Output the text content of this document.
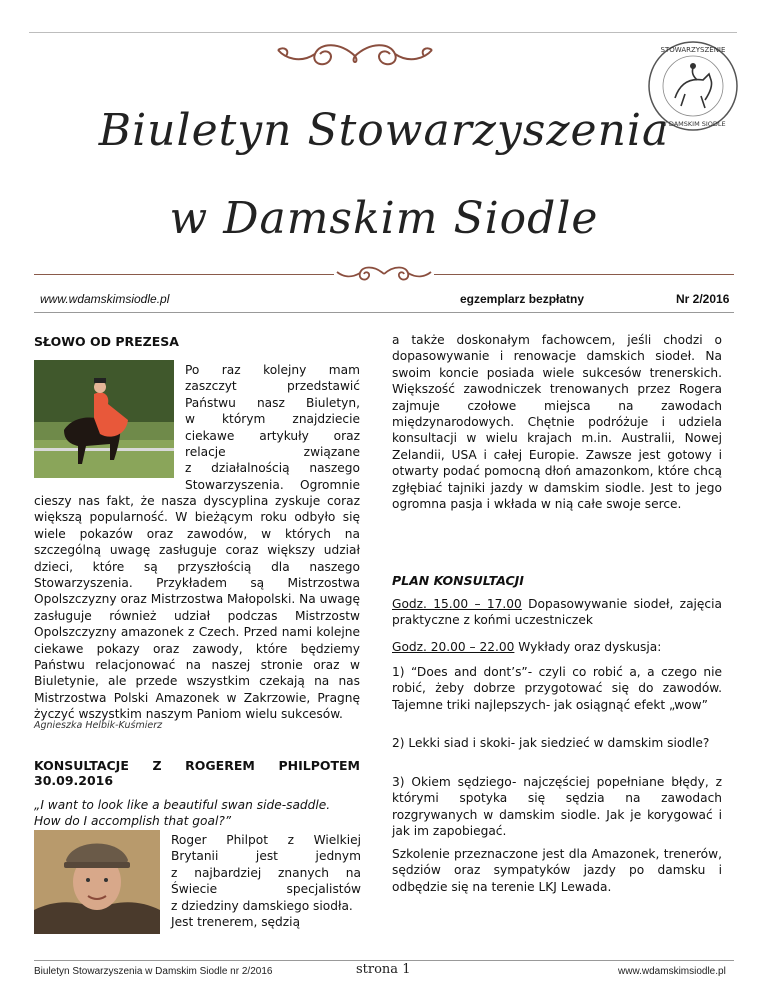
STOWARZYSZENIE
W DAMSKIM SIODLE
Biuletyn Stowarzyszenia
w Damskim Siodle
www.wdamskimsiodle.pl	egzemplarz bezpłatny	Nr 2/2016
SŁOWO OD PREZESA

Po raz kolejny mam

zaszczyt przedstawić

Państwu nasz Biuletyn,

w którym znajdziecie

ciekawe artykuły oraz

relacje związane

z działalnością naszego

Stowarzyszenia. Ogromnie

cieszy nas fakt, że nasza dyscyplina zyskuje coraz większą popularność. W bieżącym roku odbyło się wiele pokazów oraz zawodów, w których na szczególną uwagę zasługuje coraz większy udział dzieci, które są przyszłością dla naszego Stowarzyszenia. Przykładem są Mistrzostwa Opolszczyzny oraz Mistrzostwa Małopolski. Na uwagę zasługuje również udział podczas Mistrzostw Opolszczyzny amazonek z Czech. Przed nami kolejne ciekawe pokazy oraz zawody, które będziemy Państwu relacjonować na naszej stronie oraz w Biuletynie, ale przede wszystkim czekają na nas Mistrzostwa Polski Amazonek w Zakrzowie, Pragnę życzyć wszystkim naszym Paniom wielu sukcesów.
Agnieszka Helbik-Kuśmierz
KONSULTACJE Z ROGEREM PHILPOTEM
30.09.2016
„I want to look like a beautiful swan side-saddle. How do I accomplish that goal?”

Roger Philpot z Wielkiej

Brytanii jest jednym

z najbardziej znanych na

Świecie specjalistów

z dziedziny damskiego siodła.

Jest trenerem, sędzią

a także doskonałym fachowcem, jeśli chodzi o dopasowywanie i renowacje damskich siodeł. Na swoim koncie posiada wiele sukcesów trenerskich. Większość zawodniczek trenowanych przez Rogera zajmuje czołowe miejsca na zawodach międzynarodowych. Chętnie podróżuje i udziela konsultacji w wielu krajach m.in. Australii, Nowej Zelandii, USA i całej Europie. Zawsze jest gotowy i otwarty podać pomocną dłoń amazonkom, które chcą zgłębiać tajniki jazdy w damskim siodle. Jest to jego ogromna pasja i wkłada w nią całe swoje serce.
PLAN KONSULTACJI
Godz. 15.00 – 17.00 Dopasowywanie siodeł, zajęcia praktyczne z końmi uczestniczek
Godz. 20.00 – 22.00 Wykłady oraz dyskusja:
1) “Does and dont’s”- czyli co robić a, a czego nie robić, żeby dobrze przygotować się do zawodów. Tajemne triki najlepszych- jak osiągnąć efekt „wow”
2) Lekki siad i skoki- jak siedzieć w damskim siodle?
3) Okiem sędziego- najczęściej popełniane błędy, z którymi spotyka się sędzia na zawodach rozgrywanych w damskim siodle. Jak je korygować i jak im zapobiegać.
Szkolenie przeznaczone jest dla Amazonek, trenerów, sędziów oraz sympatyków jazdy po damsku i odbędzie się na terenie LKJ Lewada.
Biuletyn Stowarzyszenia w Damskim Siodle nr 2/2016	strona 1	www.wdamskimsiodle.pl
